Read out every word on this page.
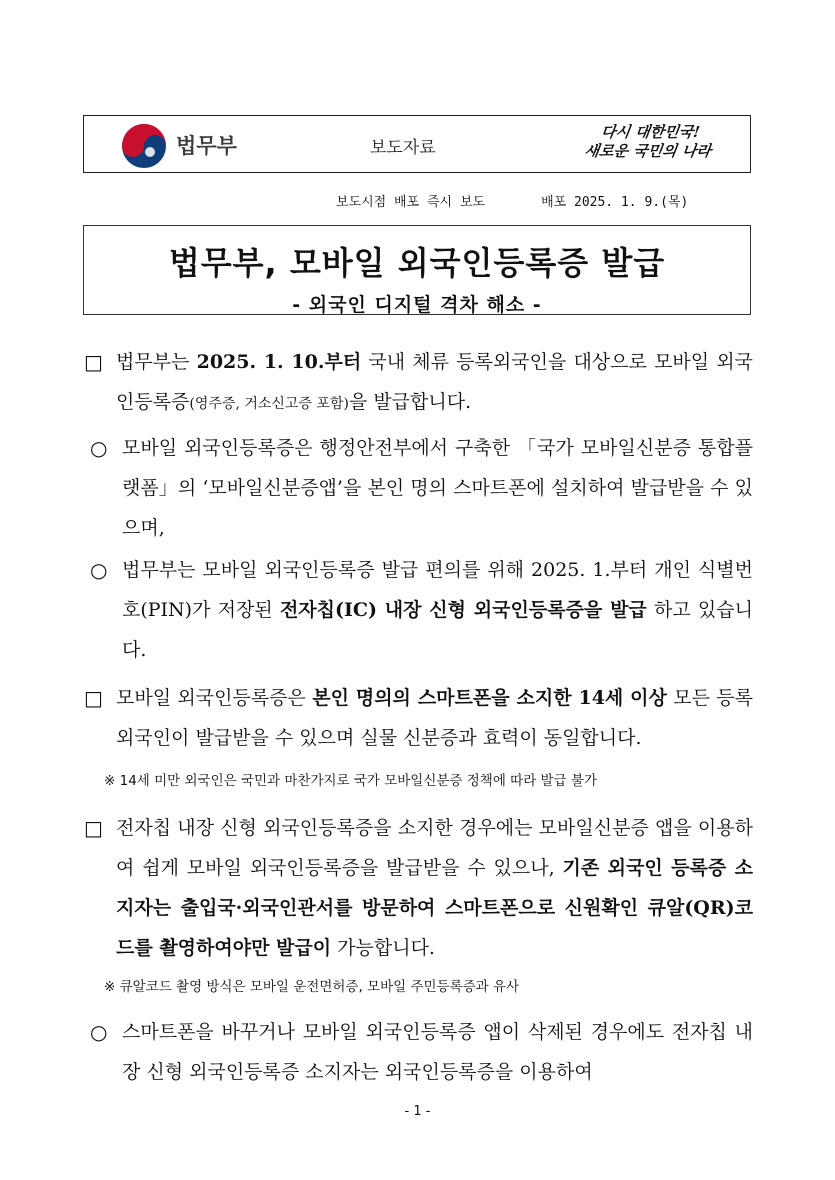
법무부	보도자료
다시 대한민국!
새로운 국민의 나라
보도시점 배포 즉시 보도	배포 2025. 1. 9.(목)
법무부, 모바일 외국인등록증 발급
- 외국인 디지털 격차 해소 -
□ 법무부는 2025. 1. 10.부터 국내 체류 등록외국인을 대상으로 모바일 외국인등록증(영주증, 거소신고증 포함)을 발급합니다.
○ 모바일 외국인등록증은 행정안전부에서 구축한 「국가 모바일신분증 통합플랫폼」의 ‘모바일신분증앱’을 본인 명의 스마트폰에 설치하여 발급받을 수 있으며,
○ 법무부는 모바일 외국인등록증 발급 편의를 위해 2025. 1.부터 개인 식별번호(PIN)가 저장된 전자칩(IC) 내장 신형 외국인등록증을 발급 하고 있습니다.
□ 모바일 외국인등록증은 본인 명의의 스마트폰을 소지한 14세 이상 모든 등록외국인이 발급받을 수 있으며 실물 신분증과 효력이 동일합니다.
※ 14세 미만 외국인은 국민과 마찬가지로 국가 모바일신분증 정책에 따라 발급 불가
□ 전자칩 내장 신형 외국인등록증을 소지한 경우에는 모바일신분증 앱을 이용하여 쉽게 모바일 외국인등록증을 발급받을 수 있으나, 기존 외국인 등록증 소지자는 출입국·외국인관서를 방문하여 스마트폰으로 신원확인 큐알(QR)코드를 촬영하여야만 발급이 가능합니다.
※ 큐알코드 촬영 방식은 모바일 운전면허증, 모바일 주민등록증과 유사
○ 스마트폰을 바꾸거나 모바일 외국인등록증 앱이 삭제된 경우에도 전자칩 내장 신형 외국인등록증 소지자는 외국인등록증을 이용하여
- 1 -
